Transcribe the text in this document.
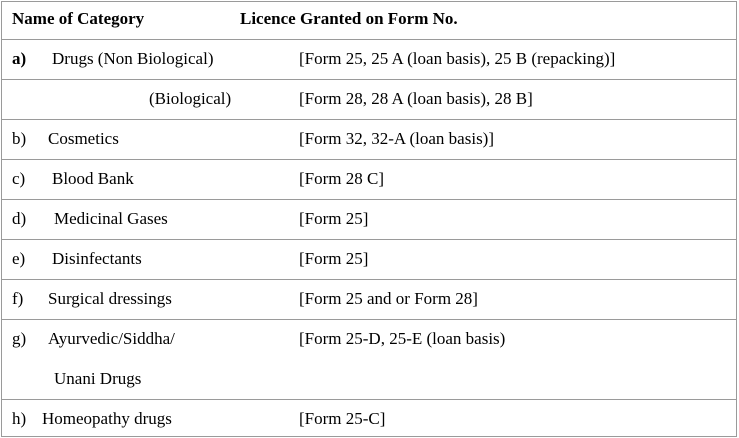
Name of Category	Licence Granted on Form No.
a) Drugs (Non Biological)	[Form 25, 25 A (loan basis), 25 B (repacking)]
(Biological)	[Form 28, 28 A (loan basis), 28 B]
b) Cosmetics	[Form 32, 32-A (loan basis)]
c) Blood Bank	[Form 28 C]
d) Medicinal Gases	[Form 25]
e) Disinfectants	[Form 25]
f) Surgical dressings	[Form 25 and or Form 28]
g) Ayurvedic/Siddha/	[Form 25-D, 25-E (loan basis)
Unani Drugs
h) Homeopathy drugs	[Form 25-C]
